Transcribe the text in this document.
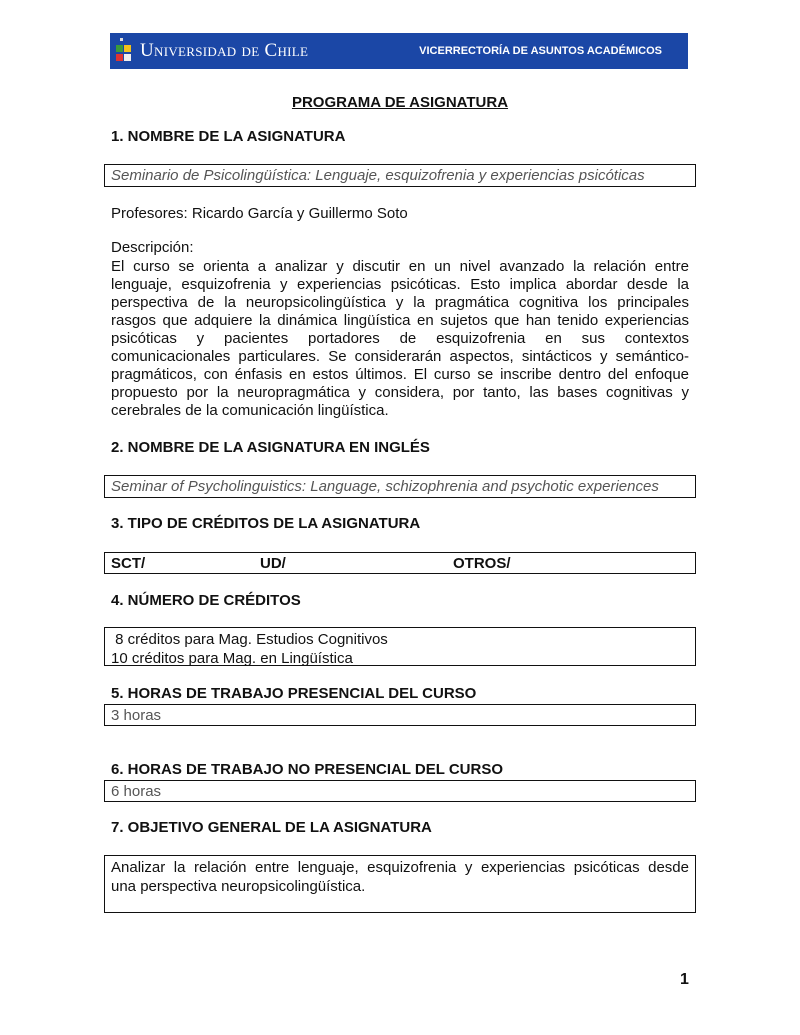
Universidad de Chile	VICERRECTORÍA DE ASUNTOS ACADÉMICOS
PROGRAMA DE ASIGNATURA
1. NOMBRE DE LA ASIGNATURA
Seminario de Psicolingüística: Lenguaje, esquizofrenia y experiencias psicóticas
Profesores: Ricardo García y Guillermo Soto
Descripción:
El curso se orienta a analizar y discutir en un nivel avanzado la relación entre
lenguaje, esquizofrenia y experiencias psicóticas. Esto implica abordar desde la
perspectiva de la neuropsicolingüística y la pragmática cognitiva los principales
rasgos que adquiere la dinámica lingüística en sujetos que han tenido experiencias
psicóticas y pacientes portadores de esquizofrenia en sus contextos
comunicacionales particulares. Se considerarán aspectos, sintácticos y semántico-
pragmáticos, con énfasis en estos últimos. El curso se inscribe dentro del enfoque
propuesto por la neuropragmática y considera, por tanto, las bases cognitivas y
cerebrales de la comunicación lingüística.
2. NOMBRE DE LA ASIGNATURA EN INGLÉS
Seminar of Psycholinguistics: Language, schizophrenia and psychotic experiences
3. TIPO DE CRÉDITOS DE LA ASIGNATURA
SCT/	UD/	OTROS/
4. NÚMERO DE CRÉDITOS
8 créditos para Mag. Estudios Cognitivos
10 créditos para Mag. en Lingüística
5. HORAS DE TRABAJO PRESENCIAL DEL CURSO
3 horas
6. HORAS DE TRABAJO NO PRESENCIAL DEL CURSO
6 horas
7. OBJETIVO GENERAL DE LA ASIGNATURA
Analizar la relación entre lenguaje, esquizofrenia y experiencias psicóticas desde
una perspectiva neuropsicolingüística.
1
